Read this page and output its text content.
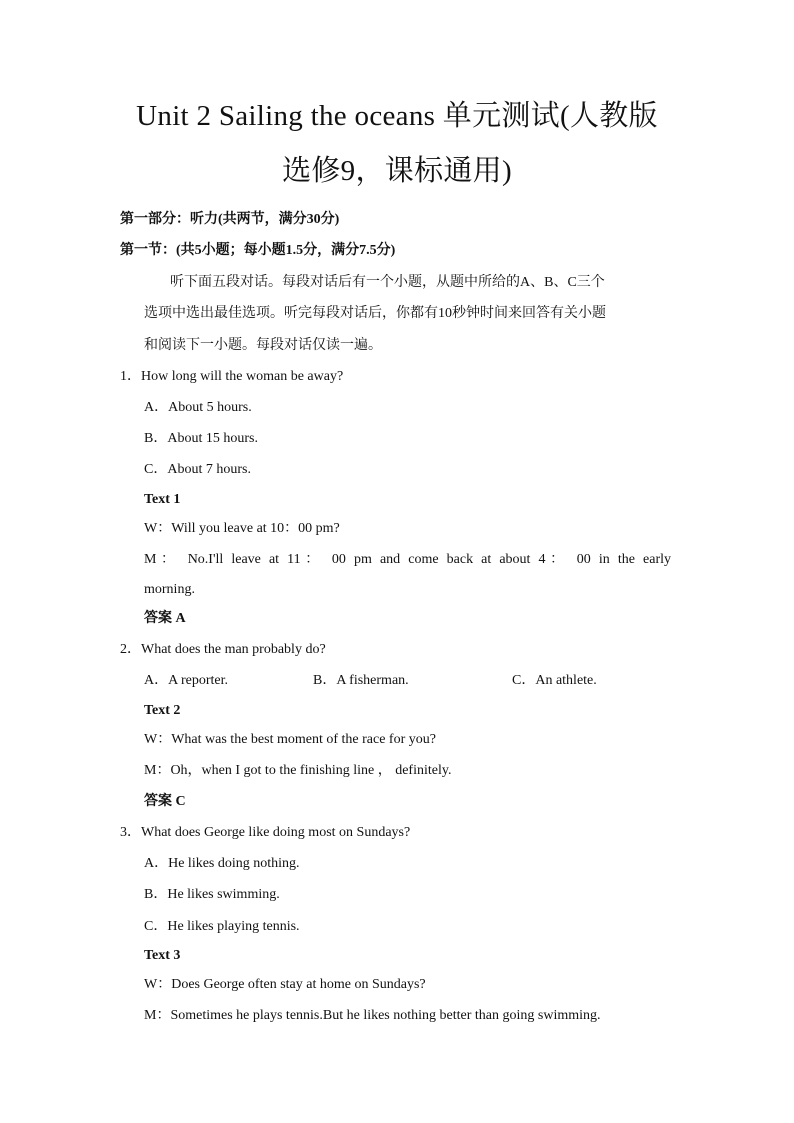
Unit 2 Sailing the oceans 单元测试(人教版
选修9，课标通用)
第一部分：听力(共两节，满分30分)
第一节：(共5小题；每小题1.5分，满分7.5分)
听下面五段对话。每段对话后有一个小题，从题中所给的A、B、C三个
选项中选出最佳选项。听完每段对话后，你都有10秒钟时间来回答有关小题
和阅读下一小题。每段对话仅读一遍。
1．How long will the woman be away?
A．About 5 hours.
B．About 15 hours.
C．About 7 hours.
Text 1
W：Will you leave at 10：00 pm?
M： No.I'll leave at 11： 00 pm and come back at about 4： 00 in the early
morning.
答案 A
2．What does the man probably do?
A．A reporter.	B．A fisherman.	C．An athlete.
Text 2
W：What was the best moment of the race for you?
M：Oh，when I got to the finishing line ， definitely.
答案 C
3．What does George like doing most on Sundays?
A．He likes doing nothing.
B．He likes swimming.
C．He likes playing tennis.
Text 3
W：Does George often stay at home on Sundays?
M：Sometimes he plays tennis.But he likes nothing better than going swimming.
